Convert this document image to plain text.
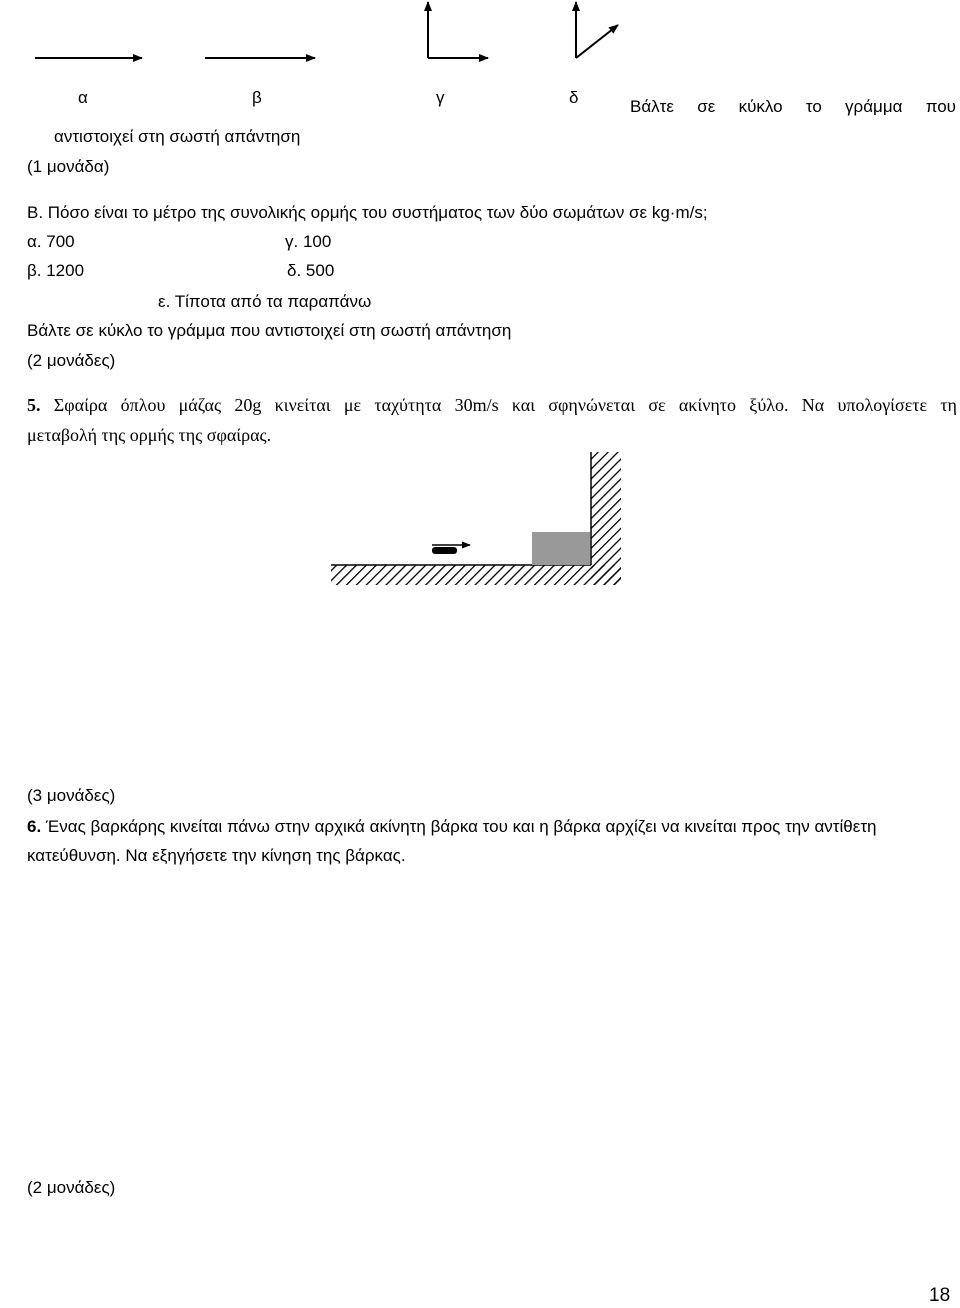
α	β	γ	δ	Βάλτε σε κύκλο το γράμμα που
αντιστοιχεί στη σωστή απάντηση
(1 μονάδα)
Β. Πόσο είναι το μέτρο της συνολικής ορμής του συστήματος των δύο σωμάτων σε kg·m/s;
α. 700	γ. 100
β. 1200	δ. 500
ε. Τίποτα από τα παραπάνω
Βάλτε σε κύκλο το γράμμα που αντιστοιχεί στη σωστή απάντηση
(2 μονάδες)
5. Σφαίρα όπλου μάζας 20g κινείται με ταχύτητα 30m/s και σφηνώνεται σε ακίνητο ξύλο. Να υπολογίσετε τη
μεταβολή της ορμής της σφαίρας.
(3 μονάδες)
6. Ένας βαρκάρης κινείται πάνω στην αρχικά ακίνητη βάρκα του και η βάρκα αρχίζει να κινείται προς την αντίθετη
κατεύθυνση. Να εξηγήσετε την κίνηση της βάρκας.
(2 μονάδες)
18
